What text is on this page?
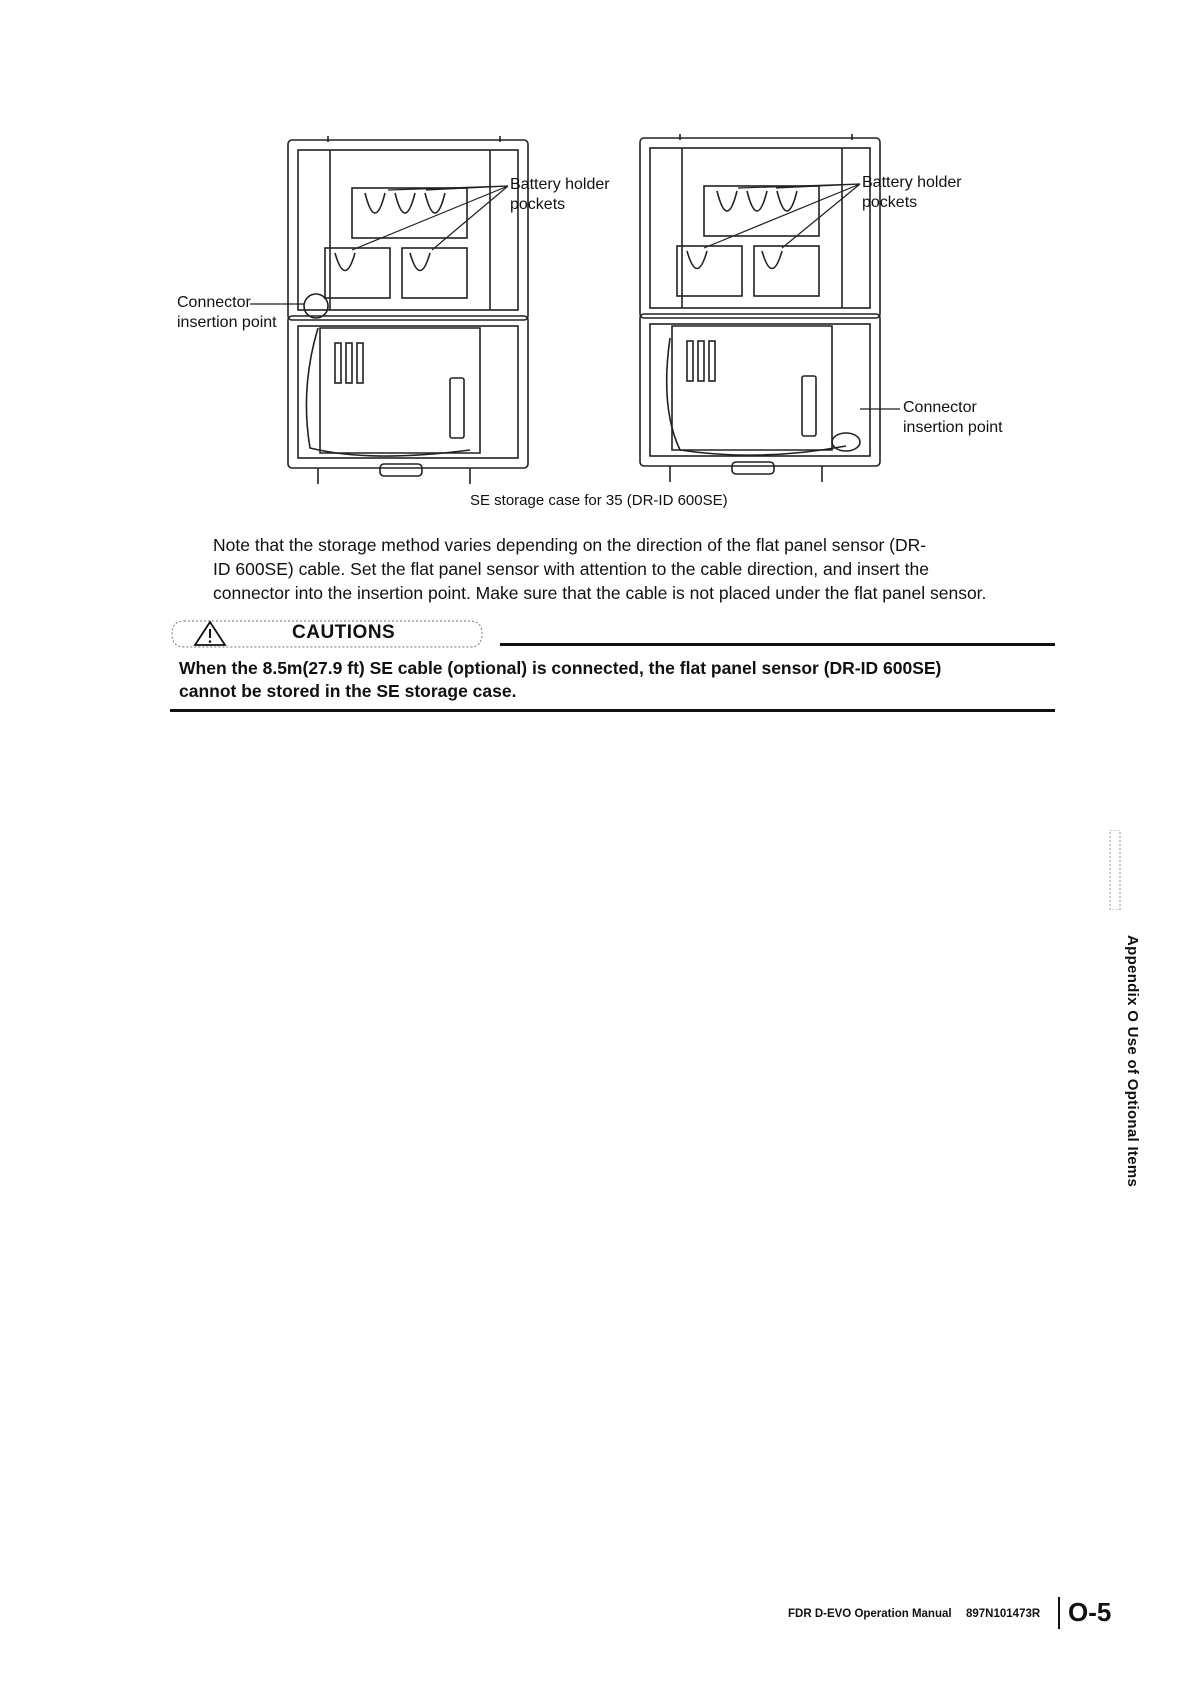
Battery holder
pockets
Connector
insertion point
Battery holder
pockets
Connector
insertion point
SE storage case for 35 (DR-ID 600SE)
Note that the storage method varies depending on the direction of the flat panel sensor (DR-
ID 600SE) cable. Set the flat panel sensor with attention to the cable direction, and insert the
connector into the insertion point. Make sure that the cable is not placed under the flat panel sensor.
CAUTIONS
When the 8.5m(27.9 ft) SE cable (optional) is connected, the flat panel sensor (DR-ID 600SE)
cannot be stored in the SE storage case.
Appendix O Use of Optional Items
FDR D-EVO Operation Manual 897N101473R O-5
